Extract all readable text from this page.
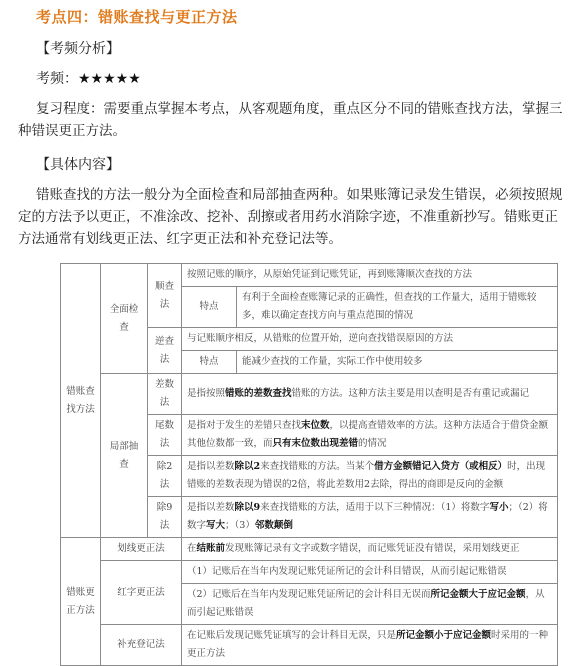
考点四：错账查找与更正方法
【考频分析】
考频：★★★★★
复习程度：需要重点掌握本考点，从客观题角度，重点区分不同的错账查找方法，掌握三种错误更正方法。
【具体内容】
错账查找的方法一般分为全面检查和局部抽查两种。如果账簿记录发生错误，必须按照规定的方法予以更正，不准涂改、挖补、刮擦或者用药水消除字迹，不准重新抄写。错账更正方法通常有划线更正法、红字更正法和补充登记法等。
错账查找方法	全面检查	顺查法	按照记账的顺序，从原始凭证到记账凭证，再到账簿顺次查找的方法	
			特点	有利于全面检查账簿记录的正确性，但查找的工作量大，适用于错账较多，难以确定查找方向与重点范围的情况
		逆查法	与记账顺序相反，从错账的位置开始，逆向查找错误原因的方法	
			特点	能减少查找的工作量，实际工作中使用较多
	局部抽查	差数法	是指按照错账的差数查找错账的方法。这种方法主要是用以查明是否有重记或漏记	
		尾数法	是指对于发生的差错只查找末位数，以提高查错效率的方法。这种方法适合于借贷金额其他位数都一致，而只有末位数出现差错的情况	
		除2法	是指以差数除以2来查找错账的方法。当某个借方金额错记入贷方（或相反）时，出现错账的差数表现为错误的2倍，将此差数用2去除，得出的商即是反向的金额	
		除9法	是指以差数除以9来查找错账的方法，适用于以下三种情况：（1）将数字写小；（2）将数字写大；（3）邻数颠倒	
错账更正方法	划线更正法		在结账前发现账簿记录有文字或数字错误，而记账凭证没有错误，采用划线更正	
	红字更正法		（1）记账后在当年内发现记账凭证所记的会计科目错误，从而引起记账错误	
			（2）记账后在当年内发现记账凭证所记的会计科目无误而所记金额大于应记金额，从而引起记账错误	
	补充登记法		在记账后发现记账凭证填写的会计科目无误，只是所记金额小于应记金额时采用的一种更正方法	
